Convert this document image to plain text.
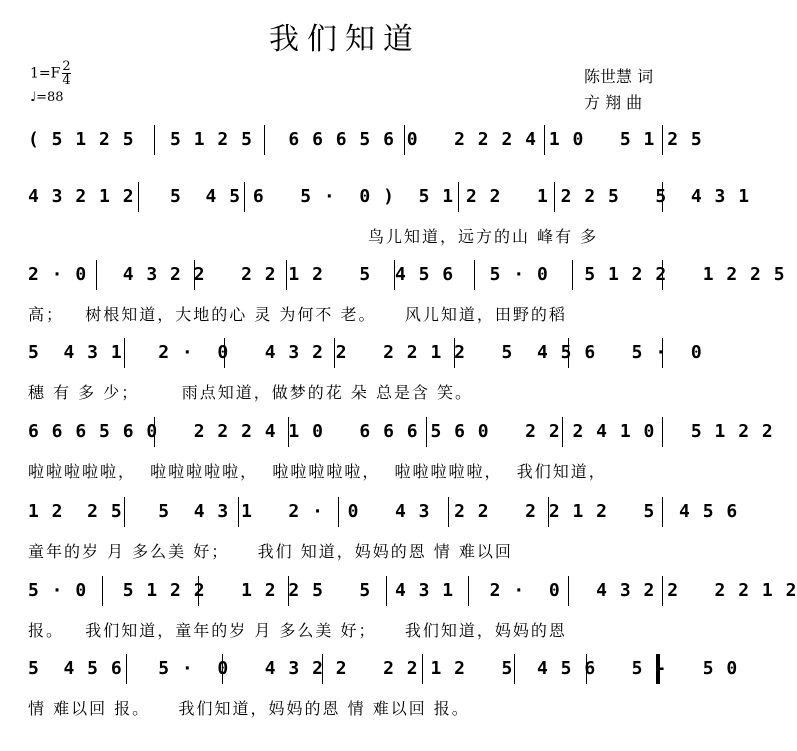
我们知道
$1=F \frac{2}{4}$
♩=88
陈世慧 词
方 翔 曲
( 5 1 2 5   5 1 2 5   6 6 6 5 6 0   2 2 2 4 1 0   5 1 2 5
4 3 2 1 2   5  4 5 6   5 ·  0 )  5 1 2 2   1 2 2 5   5  4 3 1
鸟儿知道，远方的山 峰有 多
2 · 0   4 3 2 2   2 2 1 2   5  4 5 6   5 · 0   5 1 2 2   1 2 2 5
高；   树根知道，大地的心 灵 为何不 老。    风儿知道，田野的稻
5  4 3 1   2 ·  0   4 3 2 2   2 2 1 2   5  4 5 6   5 ·  0
穗 有 多 少；      雨点知道，做梦的花 朵 总是含 笑。
6 6 6 5 6 0   2 2 2 4 1 0   6 6 6 5 6 0   2 2 2 4 1 0   5 1 2 2
啦啦啦啦啦，  啦啦啦啦啦，  啦啦啦啦啦，  啦啦啦啦啦，  我们知道，
1 2  2 5   5  4 3 1   2 ·  0   4 3  2 2   2 2 1 2   5  4 5 6
童年的岁 月 多么美 好；    我们 知道，妈妈的恩 情 难以回
5 · 0   5 1 2 2   1 2 2 5   5  4 3 1   2 ·  0   4 3 2 2   2 2 1 2
报。   我们知道，童年的岁 月 多么美 好；    我们知道，妈妈的恩
5  4 5 6   5 ·  0   4 3 2 2   2 2 1 2   5  4 5 6   5 -   5 0
情 难以回 报。    我们知道，妈妈的恩 情 难以回 报。
